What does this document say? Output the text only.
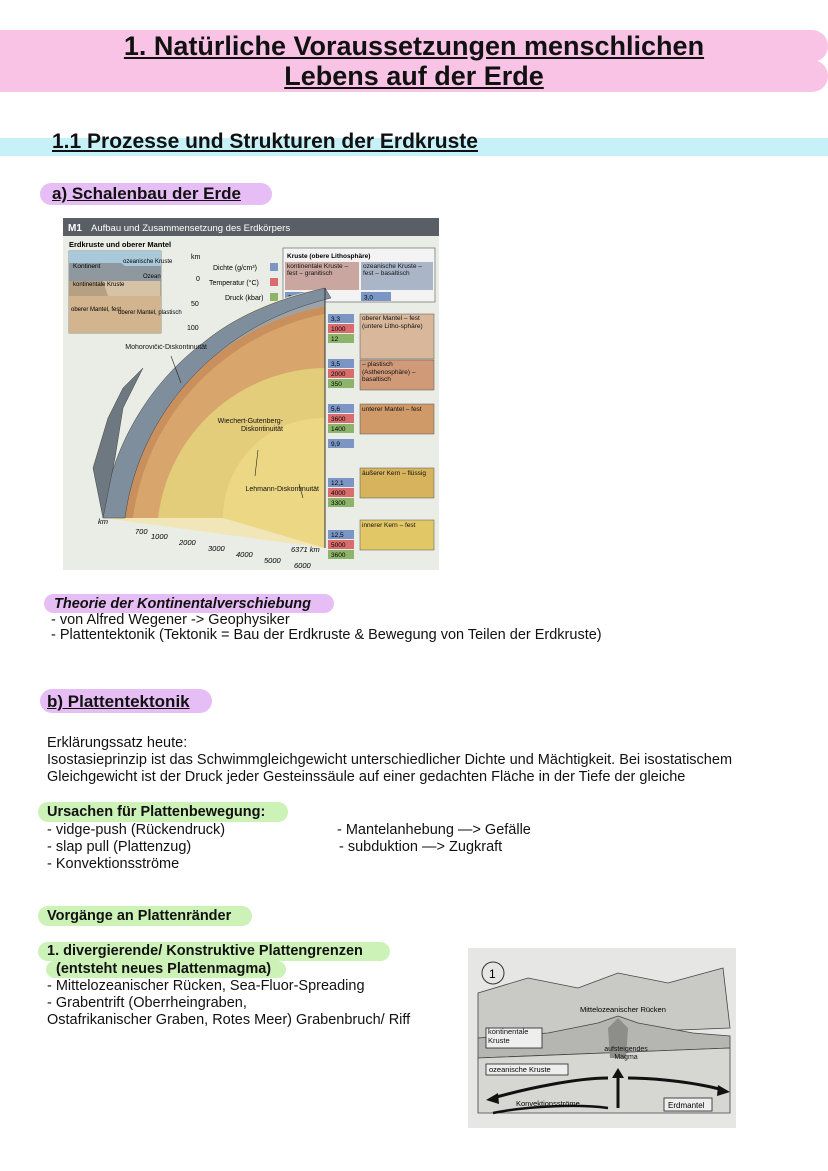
1. Natürliche Voraussetzungen menschlichen
Lebens auf der Erde
1.1 Prozesse und Strukturen der Erdkruste
a) Schalenbau der Erde
M1 Aufbau und Zusammensetzung des Erdkörpers
Erdkruste und oberer Mantel
Kontinent
ozeanische Kruste
Ozean
kontinentale Kruste
oberer Mantel, fest
oberer Mantel, plastisch
km
0
50
100
Dichte (g/cm³)
Temperatur (°C)
Druck (kbar)
Kruste (obere Lithosphäre)
kontinentale Kruste – fest – granitisch
ozeanische Kruste – fest – basaltisch
3,0
Mohorovičić-Diskontinuität
Wiechert-Gutenberg-Diskontinuität
Lehmann-Diskontinuität
km
700
1000
2000
3000
4000
5000
6000
6371 km
3,3
1000
12
oberer Mantel – fest (untere Litho-sphäre)
3,5
2000
350
– plastisch (Asthenosphäre) – basaltisch
5,6
3600
1400
9,9
unterer Mantel – fest
12,1
4000
3300
äußerer Kern – flüssig
12,5
5000
3600
innerer Kern – fest
Theorie der Kontinentalverschiebung
- von Alfred Wegener -> Geophysiker
- Plattentektonik (Tektonik = Bau der Erdkruste & Bewegung von Teilen der Erdkruste)
b) Plattentektonik
Erklärungssatz heute:
Isostasieprinzip ist das Schwimmgleichgewicht unterschiedlicher Dichte und Mächtigkeit. Bei isostatischem
Gleichgewicht ist der Druck jeder Gesteinssäule auf einer gedachten Fläche in der Tiefe der gleiche
Ursachen für Plattenbewegung:
- vidge-push (Rückendruck)
- slap pull (Plattenzug)
- Konvektionsströme
- Mantelanhebung —> Gefälle
- subduktion —> Zugkraft
Vorgänge an Plattenränder
1. divergierende/ Konstruktive Plattengrenzen
(entsteht neues Plattenmagma)
- Mittelozeanischer Rücken, Sea-Fluor-Spreading
- Grabentrift (Oberrheingraben,
Ostafrikanischer Graben, Rotes Meer) Grabenbruch/ Riff
1
Mittelozeanischer Rücken
kontinentale Kruste
ozeanische Kruste
aufsteigendes Magma
Konvektionsströme	Erdmantel
